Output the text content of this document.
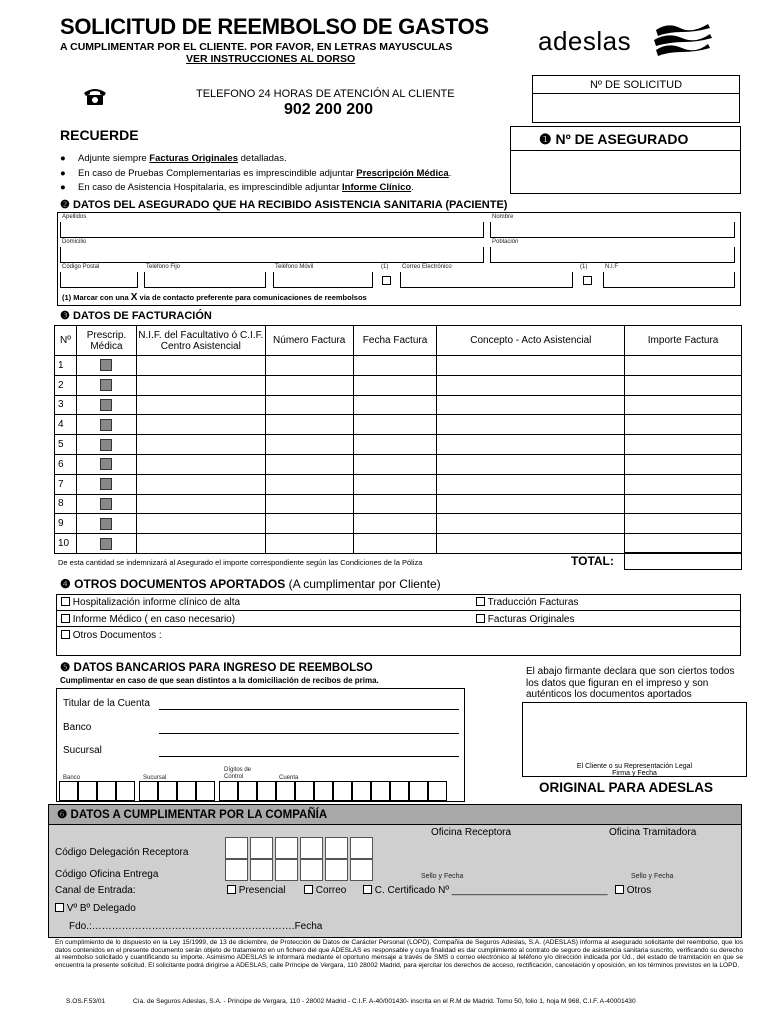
SOLICITUD DE REEMBOLSO DE GASTOS
A CUMPLIMENTAR POR EL CLIENTE. POR FAVOR, EN LETRAS MAYUSCULAS
VER INSTRUCCIONES AL DORSO
adeslas
TELEFONO 24 HORAS DE ATENCIÓN AL CLIENTE
902 200 200
Nº DE SOLICITUD
RECUERDE
● Adjunte siempre Facturas Originales detalladas.
● En caso de Pruebas Complementarias es imprescindible adjuntar Prescripción Médica.
● En caso de Asistencia Hospitalaria, es imprescindible adjuntar Informe Clínico.
❶ Nº DE ASEGURADO
❷ DATOS DEL ASEGURADO QUE HA RECIBIDO ASISTENCIA SANITARIA (PACIENTE)
Apellidos	Nombre
Domicilio	Población
Código Postal	Teléfono Fijo	Teléfono Móvil	(1) Correo Electrónico	(1)	N.I.F
(1) Marcar con una X vía de contacto preferente para comunicaciones de reembolsos
❸ DATOS DE FACTURACIÓN
Nº	Prescrip. Médica	N.I.F. del Facultativo ó C.I.F. Centro Asistencial	Número Factura	Fecha Factura	Concepto - Acto Asistencial	Importe Factura
1						
2						
3						
4						
5						
6						
7						
8						
9						
10						
De esta cantidad se indemnizará al Asegurado el importe correspondiente según las Condiciones de la Póliza	TOTAL:
❹ OTROS DOCUMENTOS APORTADOS (A cumplimentar por Cliente)
Hospitalización informe clínico de alta
Informe Médico ( en caso necesario)
Otros Documentos :
Traducción Facturas
Facturas Originales
❺ DATOS BANCARIOS PARA INGRESO DE REEMBOLSO
Cumplimentar en caso de que sean distintos a la domiciliación de recibos de prima.
Titular de la Cuenta
Banco
Sucursal
Dígitos de
Control
Banco	Sucursal	Cuenta
El abajo firmante declara que son ciertos todos los datos que figuran en el impreso y son auténticos los documentos aportados
El Cliente o su Representación Legal
Firma y Fecha
ORIGINAL PARA ADESLAS
❻ DATOS A CUMPLIMENTAR POR LA COMPAÑÍA
Oficina Receptora	Oficina Tramitadora
Código Delegación Receptora
Código Oficina Entrega	Sello y Fecha	Sello y Fecha
Canal de Entrada:	Presencial	Correo	C. Certificado Nº ____________________________	Otros
Vº Bº Delegado
Fdo.:…………………………………………………….Fecha
En cumplimiento de lo dispuesto en la Ley 15/1999, de 13 de diciembre, de Protección de Datos de Carácter Personal (LOPD), Compañía de Seguros Adeslas, S.A. (ADESLAS) informa al asegurado solicitante del reembolso, que los datos contenidos en el presente documento serán objeto de tratamiento en un fichero del que ADESLAS es responsable y cuya finalidad es dar cumplimiento al contrato de seguro de asistencia sanitaria suscrito, verificando su derecho al reembolso solicitado y cuantificando su importe. Asimismo ADESLAS le informará mediante el oportuno mensaje a través de SMS o correo electrónico al teléfono y/o dirección indicada por Ud., del estado de tramitación en que se encuentra la presente solicitud. El solicitante podrá dirigirse a ADESLAS, calle Príncipe de Vergara, 110 28002 Madrid, para ejercitar los derechos de acceso, rectificación, cancelación y oposición, en los términos previstos en la LOPD.
S.OS.F.53/01	Cía. de Seguros Adeslas, S.A. - Príncipe de Vergara, 110 - 28002 Madrid - C.I.F. A-40/001430- inscrita en el R.M de Madrid. Tomo 50, folio 1, hoja M 968, C.I.F. A-40001430
